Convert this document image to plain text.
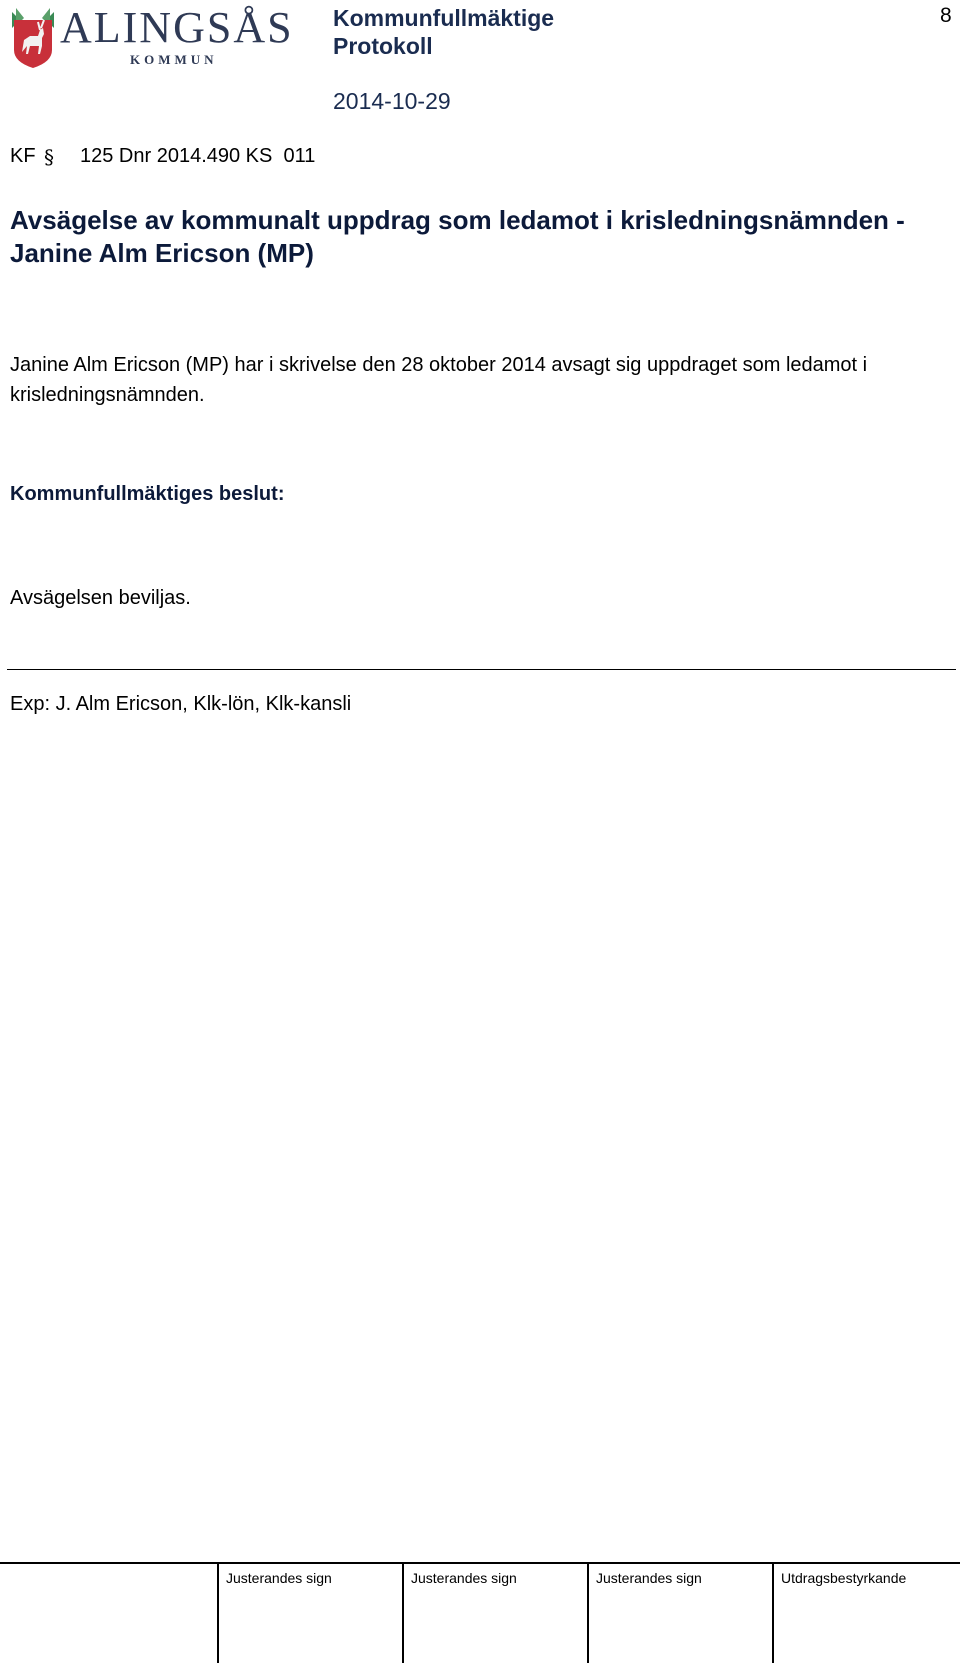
ALINGSÅS
KOMMUN
Kommunfullmäktige
Protokoll
2014-10-29
8
KF § 125 Dnr 2014.490 KS  011
Avsägelse av kommunalt uppdrag som ledamot i krisledningsnämnden - Janine Alm Ericson (MP)
Janine Alm Ericson (MP) har i skrivelse den 28 oktober 2014 avsagt sig uppdraget som ledamot i krisledningsnämnden.
Kommunfullmäktiges beslut:
Avsägelsen beviljas.
Exp: J. Alm Ericson, Klk-lön, Klk-kansli
Justerandes sign	Justerandes sign	Justerandes sign	Utdragsbestyrkande
